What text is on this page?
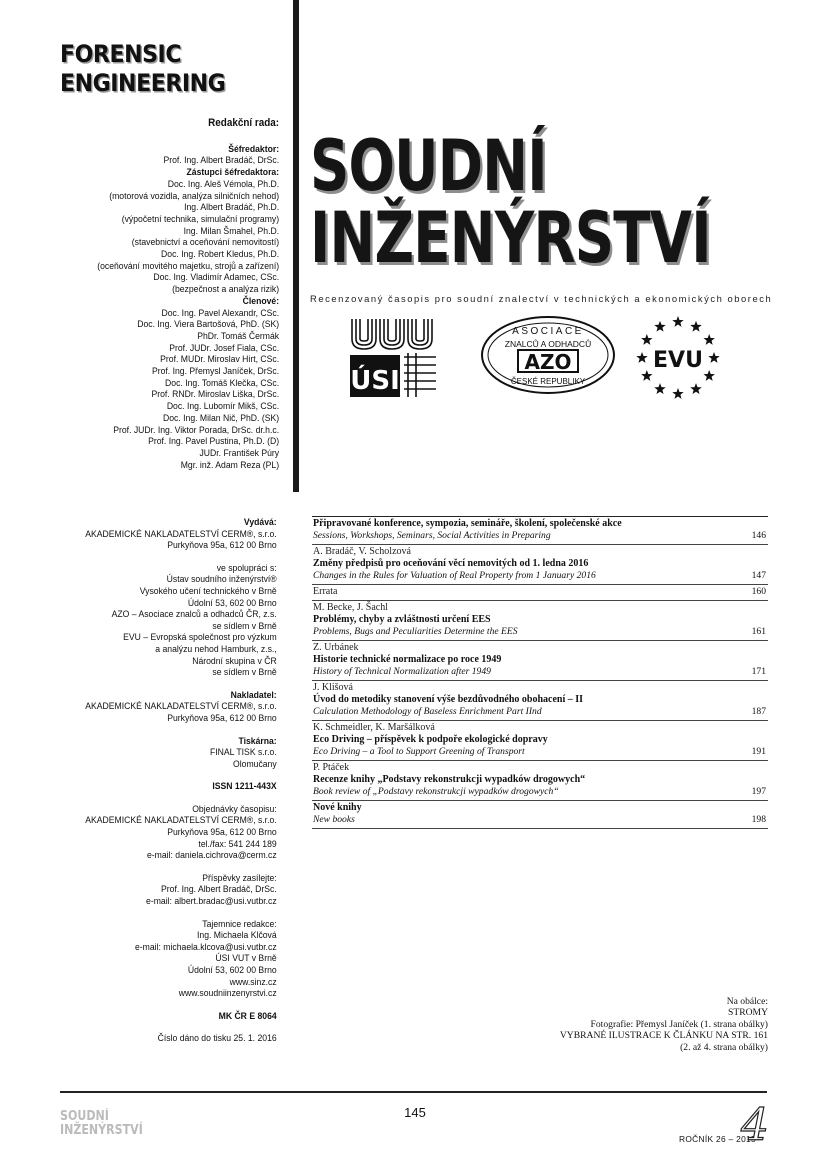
FORENSIC
ENGINEERING
Redakční rada:
Šéfredaktor:
Prof. Ing. Albert Bradáč, DrSc.
Zástupci šéfredaktora:
Doc. Ing. Aleš Vémola, Ph.D.
(motorová vozidla, analýza silničních nehod)
Ing. Albert Bradáč, Ph.D.
(výpočetní technika, simulační programy)
Ing. Milan Šmahel, Ph.D.
(stavebnictví a oceňování nemovitostí)
Doc. Ing. Robert Kledus, Ph.D.
(oceňování movitého majetku, strojů a zařízení)
Doc. Ing. Vladimír Adamec, CSc.
(bezpečnost a analýza rizik)
Členové:
Doc. Ing. Pavel Alexandr, CSc.
Doc. Ing. Viera Bartošová, PhD. (SK)
PhDr. Tomáš Čermák
Prof. JUDr. Josef Fiala, CSc.
Prof. MUDr. Miroslav Hirt, CSc.
Prof. Ing. Přemysl Janíček, DrSc.
Doc. Ing. Tomáš Klečka, CSc.
Prof. RNDr. Miroslav Liška, DrSc.
Doc. Ing. Lubomír Mikš, CSc.
Doc. Ing. Milan Nič, PhD. (SK)
Prof. JUDr. Ing. Viktor Porada, DrSc. dr.h.c.
Prof. Ing. Pavel Pustina, Ph.D. (D)
JUDr. František Púry
Mgr. inž. Adam Reza (PL)
SOUDNÍ
INŽENÝRSTVÍ
Recenzovaný časopis pro soudní znalectví v technických a ekonomických oborech
ÚSI
ASOCIACE
ZNALCŮ A ODHADCŮ
AZO
ČESKÉ REPUBLIKY
EVU
Vydává:
AKADEMICKÉ NAKLADATELSTVÍ CERM®, s.r.o.
Purkyňova 95a, 612 00 Brno
ve spolupráci s:
Ústav soudního inženýrství®
Vysokého učení technického v Brně
Údolní 53, 602 00 Brno
AZO – Asociace znalců a odhadců ČR, z.s.
se sídlem v Brně
EVU – Evropská společnost pro výzkum
a analýzu nehod Hamburk, z.s.,
Národní skupina v ČR
se sídlem v Brně
Nakladatel:
AKADEMICKÉ NAKLADATELSTVÍ CERM®, s.r.o.
Purkyňova 95a, 612 00 Brno
Tiskárna:
FINAL TISK s.r.o.
Olomučany
ISSN 1211-443X
Objednávky časopisu:
AKADEMICKÉ NAKLADATELSTVÍ CERM®, s.r.o.
Purkyňova 95a, 612 00 Brno
tel./fax: 541 244 189
e-mail: daniela.cichrova@cerm.cz
Příspěvky zasílejte:
Prof. Ing. Albert Bradáč, DrSc.
e-mail: albert.bradac@usi.vutbr.cz
Tajemnice redakce:
Ing. Michaela Klčová
e-mail: michaela.klcova@usi.vutbr.cz
ÚSI VUT v Brně
Údolní 53, 602 00 Brno
www.sinz.cz
www.soudniinzenyrstvi.cz
MK ČR E 8064
Číslo dáno do tisku 25. 1. 2016
Připravované konference, sympozia, semináře, školení, společenské akce
Sessions, Workshops, Seminars, Social Activities in Preparing	146
A. Bradáč, V. Scholzová
Změny předpisů pro oceňování věcí nemovitých od 1. ledna 2016
Changes in the Rules for Valuation of Real Property from 1 January 2016	147
Errata	160
M. Becke, J. Šachl
Problémy, chyby a zvláštnosti určení EES
Problems, Bugs and Peculiarities Determine the EES	161
Z. Urbánek
Historie technické normalizace po roce 1949
History of Technical Normalization after 1949	171
J. Klišová
Úvod do metodiky stanovení výše bezdůvodného obohacení – II
Calculation Methodology of Baseless Enrichment Part IInd	187
K. Schmeidler, K. Maršálková
Eco Driving – příspěvek k podpoře ekologické dopravy
Eco Driving – a Tool to Support Greening of Transport	191
P. Ptáček
Recenze knihy „Podstavy rekonstrukcji wypadków drogowych“
Book review of „Podstavy rekonstrukcji wypadków drogowych“	197
Nové knihy
New books	198
Na obálce:
STROMY
Fotografie: Přemysl Janíček (1. strana obálky)
VYBRANÉ ILUSTRACE K ČLÁNKU NA STR. 161
(2. až 4. strana obálky)
SOUDNÍ
INŽENÝRSTVÍ
145
ROČNÍK 26 – 2015
4
